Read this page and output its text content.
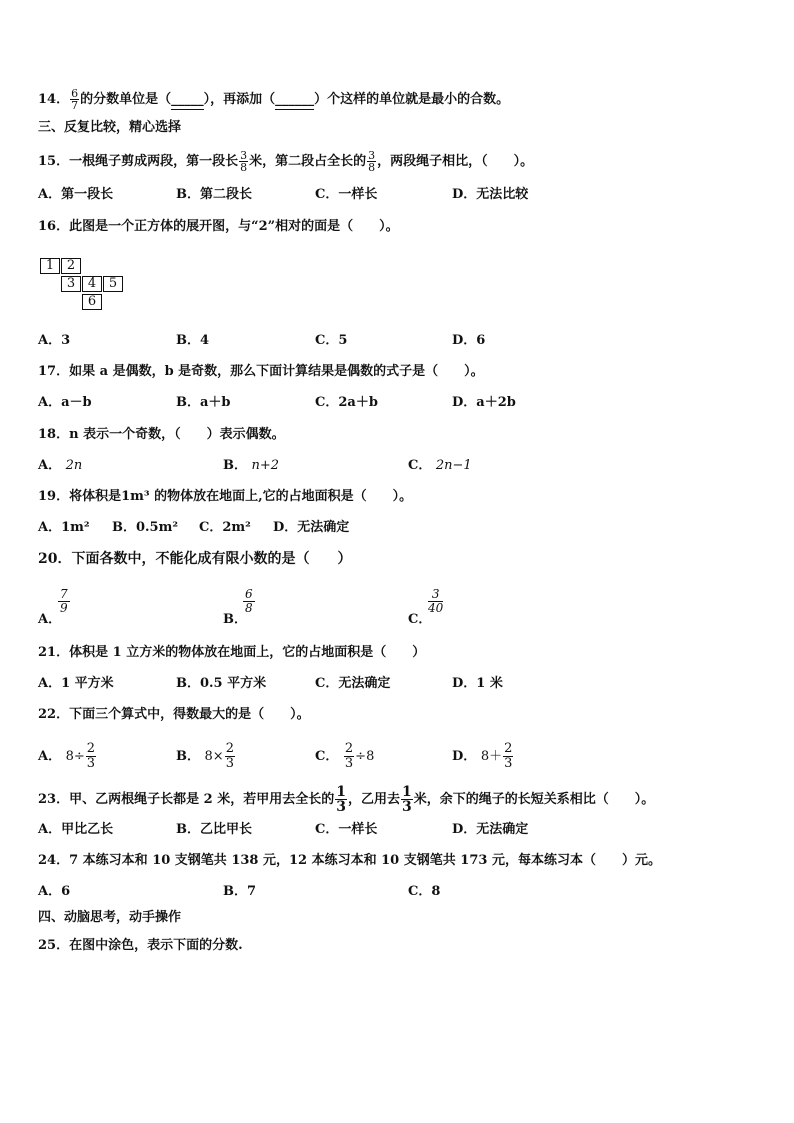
14． $\frac{6}{7}$ 的分数单位是（_____），再添加（______）个这样的单位就是最小的合数。
三、反复比较，精心选择
15．一根绳子剪成两段，第一段长 $\frac{3}{8}$ 米，第二段占全长的 $\frac{3}{8}$ ，两段绳子相比，（　　）。
A．第一段长	B．第二段长	C．一样长	D．无法比较
16．此图是一个正方体的展开图，与“2”相对的面是（　　）。
1 2
3 4 5
6
A．3	B．4	C．5	D．6
17．如果 a 是偶数，b 是奇数，那么下面计算结果是偶数的式子是（　　）。
A．a－b	B．a＋b	C．2a＋b	D．a＋2b
18．n 表示一个奇数，（　　）表示偶数。
A． 2n	B． n+2	C． 2n−1
19．将体积是1m³ 的物体放在地面上,它的占地面积是（　　）。
A．1m² B．0.5m² C．2m² D．无法确定
20．下面各数中，不能化成有限小数的是（　　）
A．
7
9
B．
6
8
C．
3
40
21．体积是 1 立方米的物体放在地面上，它的占地面积是（　　）
A．1 平方米	B．0.5 平方米	C．无法确定	D．1 米
22．下面三个算式中，得数最大的是（　　）。
A． $8\div \frac{2}{3}$	B． $8\times \frac{2}{3}$	C． $\frac{2}{3} \div 8$	D． $8+ \frac{2}{3}$
23．甲、乙两根绳子长都是 2 米，若甲用去全长的 $\frac{1}{3}$ ，乙用去 $\frac{1}{3}$ 米，余下的绳子的长短关系相比（　　）。
A．甲比乙长	B．乙比甲长	C．一样长	D．无法确定
24．7 本练习本和 10 支钢笔共 138 元，12 本练习本和 10 支钢笔共 173 元，每本练习本（　　）元。
A．6	B．7	C．8
四、动脑思考，动手操作
25．在图中涂色，表示下面的分数.
